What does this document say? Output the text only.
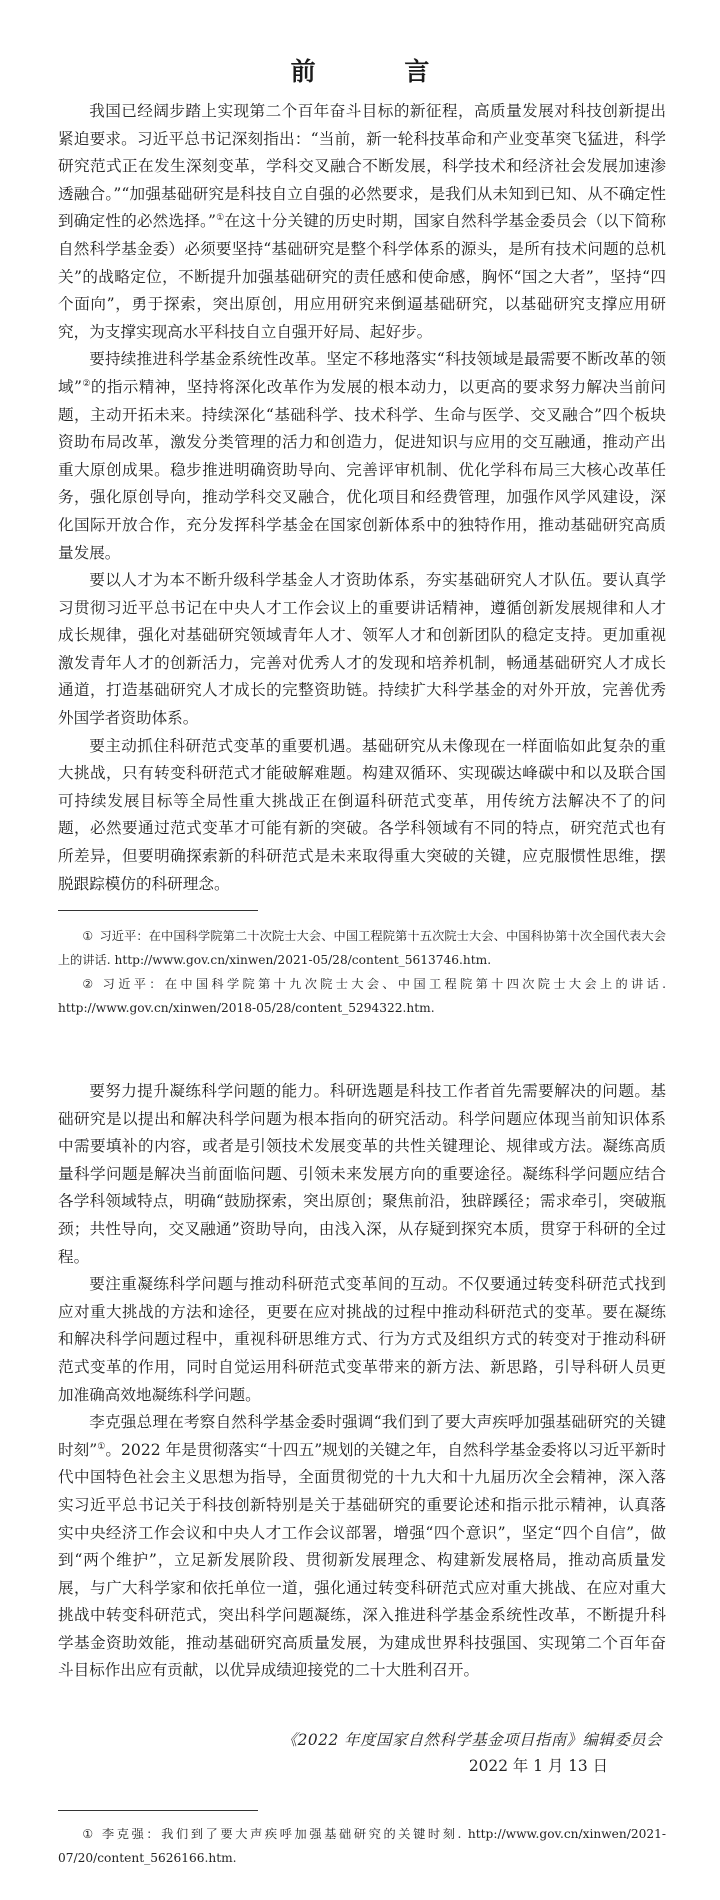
前 言

我国已经阔步踏上实现第二个百年奋斗目标的新征程，高质量发展对科技创新提出紧迫要求。习近平总书记深刻指出：“当前，新一轮科技革命和产业变革突飞猛进，科学研究范式正在发生深刻变革，学科交叉融合不断发展，科学技术和经济社会发展加速渗透融合。”“加强基础研究是科技自立自强的必然要求，是我们从未知到已知、从不确定性到确定性的必然选择。”①在这十分关键的历史时期，国家自然科学基金委员会（以下简称自然科学基金委）必须要坚持“基础研究是整个科学体系的源头，是所有技术问题的总机关”的战略定位，不断提升加强基础研究的责任感和使命感，胸怀“国之大者”，坚持“四个面向”，勇于探索，突出原创，用应用研究来倒逼基础研究，以基础研究支撑应用研究，为支撑实现高水平科技自立自强开好局、起好步。

要持续推进科学基金系统性改革。坚定不移地落实“科技领域是最需要不断改革的领域”②的指示精神，坚持将深化改革作为发展的根本动力，以更高的要求努力解决当前问题，主动开拓未来。持续深化“基础科学、技术科学、生命与医学、交叉融合”四个板块资助布局改革，激发分类管理的活力和创造力，促进知识与应用的交互融通，推动产出重大原创成果。稳步推进明确资助导向、完善评审机制、优化学科布局三大核心改革任务，强化原创导向，推动学科交叉融合，优化项目和经费管理，加强作风学风建设，深化国际开放合作，充分发挥科学基金在国家创新体系中的独特作用，推动基础研究高质量发展。

要以人才为本不断升级科学基金人才资助体系，夯实基础研究人才队伍。要认真学习贯彻习近平总书记在中央人才工作会议上的重要讲话精神，遵循创新发展规律和人才成长规律，强化对基础研究领域青年人才、领军人才和创新团队的稳定支持。更加重视激发青年人才的创新活力，完善对优秀人才的发现和培养机制，畅通基础研究人才成长通道，打造基础研究人才成长的完整资助链。持续扩大科学基金的对外开放，完善优秀外国学者资助体系。

要主动抓住科研范式变革的重要机遇。基础研究从未像现在一样面临如此复杂的重大挑战，只有转变科研范式才能破解难题。构建双循环、实现碳达峰碳中和以及联合国可持续发展目标等全局性重大挑战正在倒逼科研范式变革，用传统方法解决不了的问题，必然要通过范式变革才可能有新的突破。各学科领域有不同的特点，研究范式也有所差异，但要明确探索新的科研范式是未来取得重大突破的关键，应克服惯性思维，摆脱跟踪模仿的科研理念。

① 习近平：在中国科学院第二十次院士大会、中国工程院第十五次院士大会、中国科协第十次全国代表大会上的讲话. http://www.gov.cn/xinwen/2021-05/28/content_5613746.htm.

② 习近平：在中国科学院第十九次院士大会、中国工程院第十四次院士大会上的讲话. http://www.gov.cn/xinwen/2018-05/28/content_5294322.htm.

要努力提升凝练科学问题的能力。科研选题是科技工作者首先需要解决的问题。基础研究是以提出和解决科学问题为根本指向的研究活动。科学问题应体现当前知识体系中需要填补的内容，或者是引领技术发展变革的共性关键理论、规律或方法。凝练高质量科学问题是解决当前面临问题、引领未来发展方向的重要途径。凝练科学问题应结合各学科领域特点，明确“鼓励探索，突出原创；聚焦前沿，独辟蹊径；需求牵引，突破瓶颈；共性导向，交叉融通”资助导向，由浅入深，从存疑到探究本质，贯穿于科研的全过程。

要注重凝练科学问题与推动科研范式变革间的互动。不仅要通过转变科研范式找到应对重大挑战的方法和途径，更要在应对挑战的过程中推动科研范式的变革。要在凝练和解决科学问题过程中，重视科研思维方式、行为方式及组织方式的转变对于推动科研范式变革的作用，同时自觉运用科研范式变革带来的新方法、新思路，引导科研人员更加准确高效地凝练科学问题。

李克强总理在考察自然科学基金委时强调“我们到了要大声疾呼加强基础研究的关键时刻”①。2022 年是贯彻落实“十四五”规划的关键之年，自然科学基金委将以习近平新时代中国特色社会主义思想为指导，全面贯彻党的十九大和十九届历次全会精神，深入落实习近平总书记关于科技创新特别是关于基础研究的重要论述和指示批示精神，认真落实中央经济工作会议和中央人才工作会议部署，增强“四个意识”，坚定“四个自信”，做到“两个维护”，立足新发展阶段、贯彻新发展理念、构建新发展格局，推动高质量发展，与广大科学家和依托单位一道，强化通过转变科研范式应对重大挑战、在应对重大挑战中转变科研范式，突出科学问题凝练，深入推进科学基金系统性改革，不断提升科学基金资助效能，推动基础研究高质量发展，为建成世界科技强国、实现第二个百年奋斗目标作出应有贡献，以优异成绩迎接党的二十大胜利召开。

《2022 年度国家自然科学基金项目指南》编辑委员会
2022 年 1 月 13 日

① 李克强：我们到了要大声疾呼加强基础研究的关键时刻. http://www.gov.cn/xinwen/2021-07/20/content_5626166.htm.
